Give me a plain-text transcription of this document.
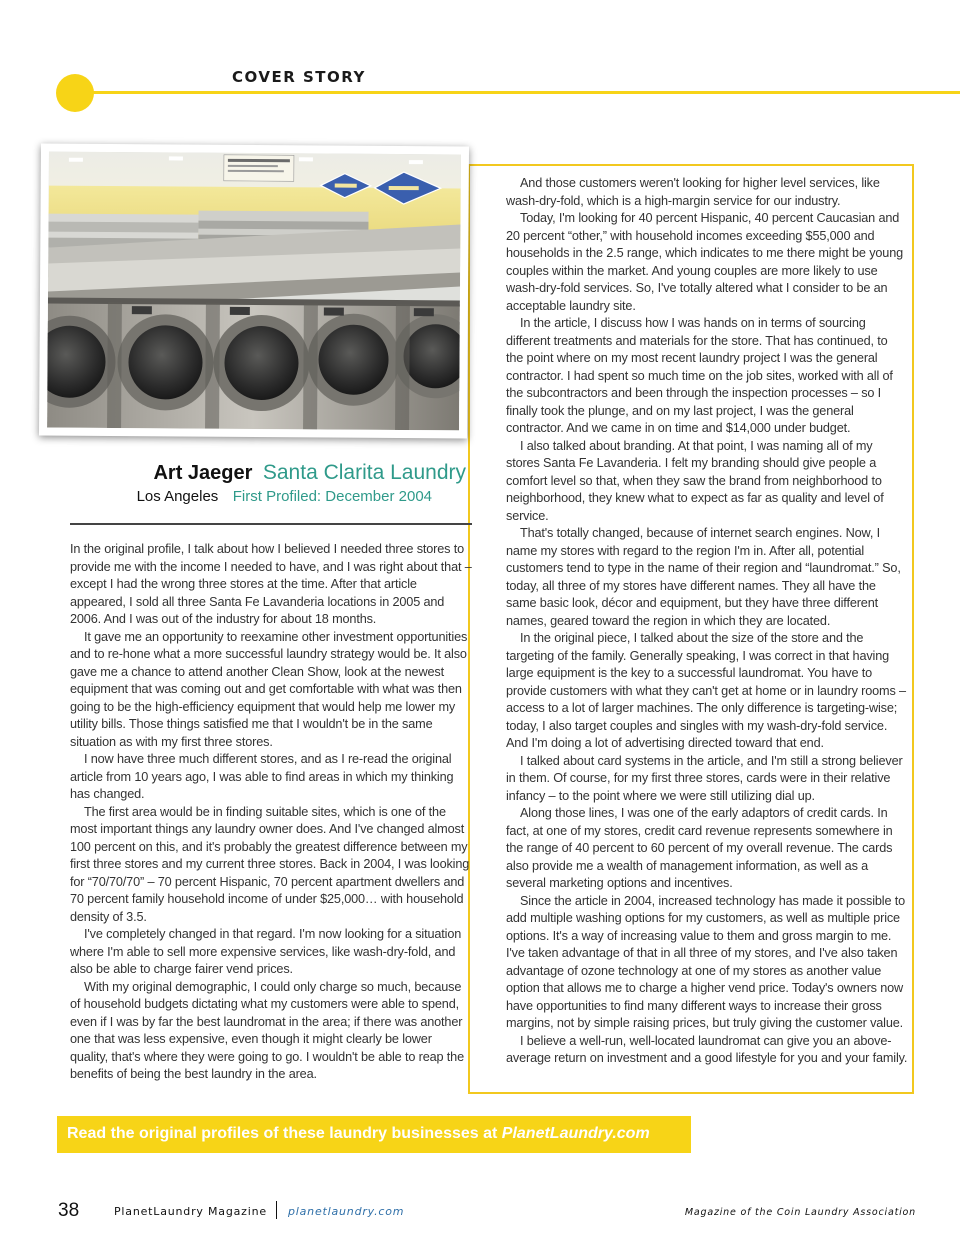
COVER STORY
Art Jaeger Santa Clarita Laundry
Los Angeles First Profiled: December 2004

In the original profile, I talk about how I believed I needed three stores to provide me with the income I needed to have, and I was right about that – except I had the wrong three stores at the time. After that article appeared, I sold all three Santa Fe Lavanderia locations in 2005 and 2006. And I was out of the industry for about 18 months.

It gave me an opportunity to reexamine other investment opportunities and to re-hone what a more successful laundry strategy would be. It also gave me a chance to attend another Clean Show, look at the newest equipment that was coming out and get comfortable with what was then going to be the high-efficiency equipment that would help me lower my utility bills. Those things satisfied me that I wouldn't be in the same situation as with my first three stores.

I now have three much different stores, and as I re-read the original article from 10 years ago, I was able to find areas in which my thinking has changed.

The first area would be in finding suitable sites, which is one of the most important things any laundry owner does. And I've changed almost 100 percent on this, and it's probably the greatest difference between my first three stores and my current three stores. Back in 2004, I was looking for “70/70/70” – 70 percent Hispanic, 70 percent apartment dwellers and 70 percent family household income of under $25,000… with household density of 3.5.

I've completely changed in that regard. I'm now looking for a situation where I'm able to sell more expensive services, like wash-dry-fold, and also be able to charge fairer vend prices.

With my original demographic, I could only charge so much, because of household budgets dictating what my customers were able to spend, even if I was by far the best laundromat in the area; if there was another one that was less expensive, even though it might clearly be lower quality, that's where they were going to go. I wouldn't be able to reap the benefits of being the best laundry in the area.

And those customers weren't looking for higher level services, like wash-dry-fold, which is a high-margin service for our industry.

Today, I'm looking for 40 percent Hispanic, 40 percent Caucasian and 20 percent “other,” with household incomes exceeding $55,000 and households in the 2.5 range, which indicates to me there might be young couples within the market. And young couples are more likely to use wash-dry-fold services. So, I've totally altered what I consider to be an acceptable laundry site.

In the article, I discuss how I was hands on in terms of sourcing different treatments and materials for the store. That has continued, to the point where on my most recent laundry project I was the general contractor. I had spent so much time on the job sites, worked with all of the subcontractors and been through the inspection processes – so I finally took the plunge, and on my last project, I was the general contractor. And we came in on time and $14,000 under budget.

I also talked about branding. At that point, I was naming all of my stores Santa Fe Lavanderia. I felt my branding should give people a comfort level so that, when they saw the brand from neighborhood to neighborhood, they knew what to expect as far as quality and level of service.

That's totally changed, because of internet search engines. Now, I name my stores with regard to the region I'm in. After all, potential customers tend to type in the name of their region and “laundromat.” So, today, all three of my stores have different names. They all have the same basic look, décor and equipment, but they have three different names, geared toward the region in which they are located.

In the original piece, I talked about the size of the store and the targeting of the family. Generally speaking, I was correct in that having large equipment is the key to a successful laundromat. You have to provide customers with what they can't get at home or in laundry rooms – access to a lot of larger machines. The only difference is targeting-wise; today, I also target couples and singles with my wash-dry-fold service. And I'm doing a lot of advertising directed toward that end.

I talked about card systems in the article, and I'm still a strong believer in them. Of course, for my first three stores, cards were in their relative infancy – to the point where we were still utilizing dial up.

Along those lines, I was one of the early adaptors of credit cards. In fact, at one of my stores, credit card revenue represents somewhere in the range of 40 percent to 60 percent of my overall revenue. The cards also provide me a wealth of management information, as well as a several marketing options and incentives.

Since the article in 2004, increased technology has made it possible to add multiple washing options for my customers, as well as multiple price options. It's a way of increasing value to them and gross margin to me. I've taken advantage of that in all three of my stores, and I've also taken advantage of ozone technology at one of my stores as another value option that allows me to charge a higher vend price. Today's owners now have opportunities to find many different ways to increase their gross margins, not by simple raising prices, but truly giving the customer value.

I believe a well-run, well-located laundromat can give you an above-average return on investment and a good lifestyle for you and your family.

Read the original profiles of these laundry businesses at PlanetLaundry.com
38	PlanetLaundry Magazine planetlaundry.com	Magazine of the Coin Laundry Association
